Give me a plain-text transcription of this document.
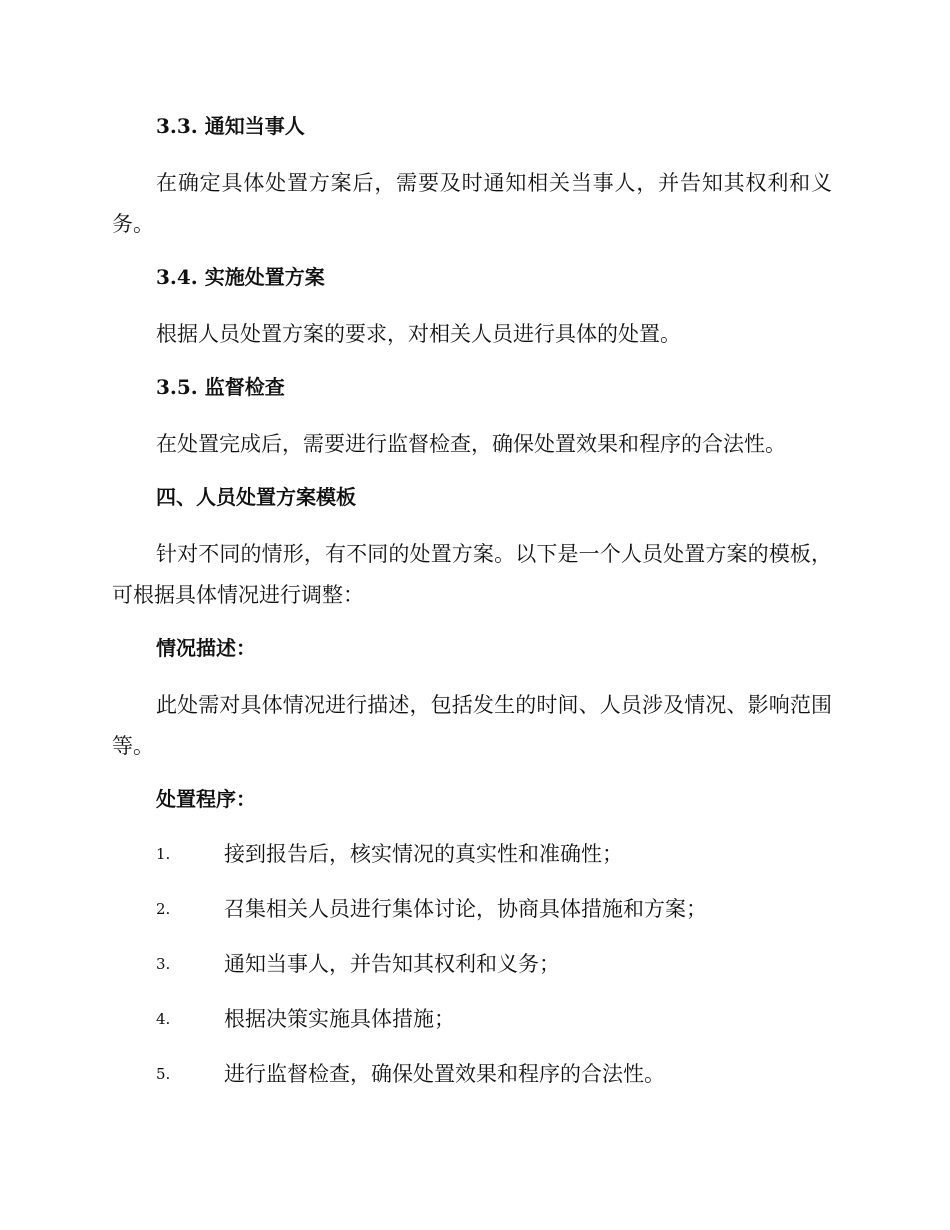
3.3. 通知当事人

在确定具体处置方案后，需要及时通知相关当事人，并告知其权利和义务。

3.4. 实施处置方案

根据人员处置方案的要求，对相关人员进行具体的处置。

3.5. 监督检查

在处置完成后，需要进行监督检查，确保处置效果和程序的合法性。

四、人员处置方案模板

针对不同的情形，有不同的处置方案。以下是一个人员处置方案的模板，可根据具体情况进行调整：

情况描述：

此处需对具体情况进行描述，包括发生的时间、人员涉及情况、影响范围等。

处置程序：
1.	接到报告后，核实情况的真实性和准确性；
2.	召集相关人员进行集体讨论，协商具体措施和方案；
3.	通知当事人，并告知其权利和义务；
4.	根据决策实施具体措施；
5.	进行监督检查，确保处置效果和程序的合法性。
